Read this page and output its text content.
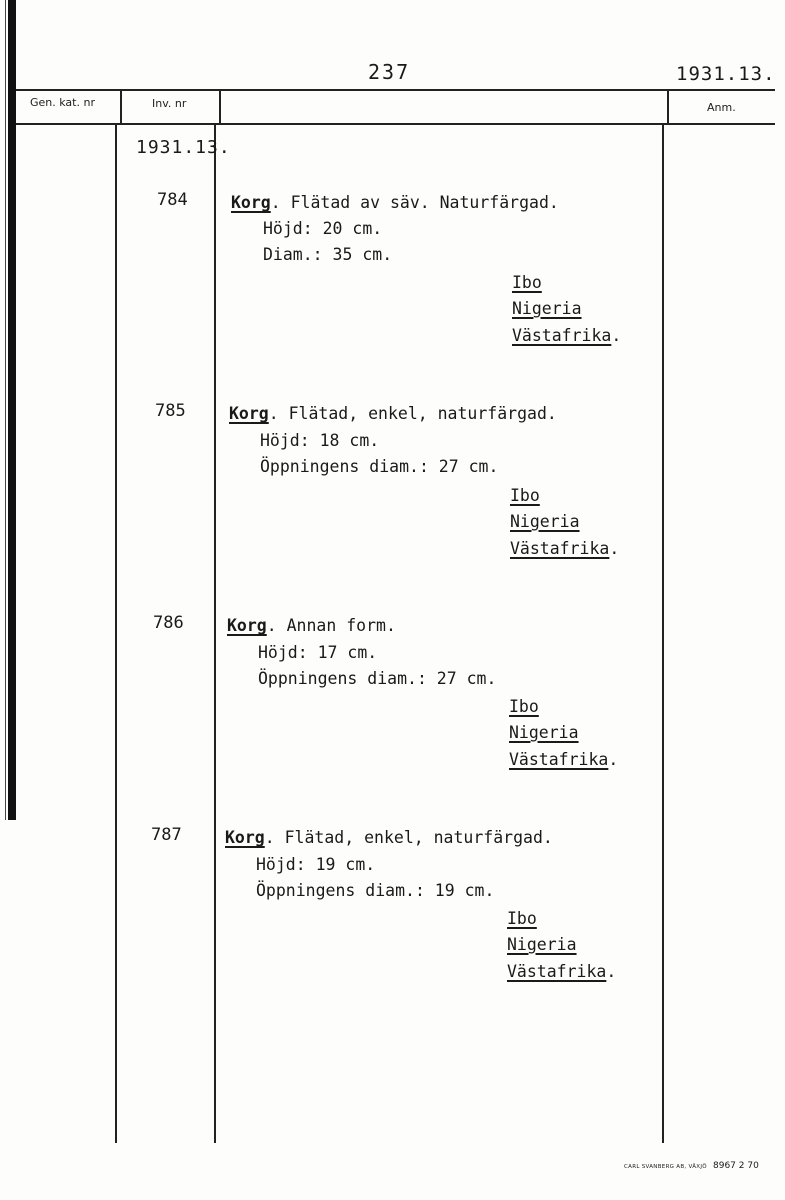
237	1931.13.
Gen. kat. nr	Inv. nr	Anm.
1931.13.
784	Korg. Flätad av säv. Naturfärgad.
Höjd: 20 cm.
Diam.: 35 cm.
Ibo
Nigeria
Västafrika.
785	Korg. Flätad, enkel, naturfärgad.
Höjd: 18 cm.
Öppningens diam.: 27 cm.
Ibo
Nigeria
Västafrika.
786	Korg. Annan form.
Höjd: 17 cm.
Öppningens diam.: 27 cm.
Ibo
Nigeria
Västafrika.
787	Korg. Flätad, enkel, naturfärgad.
Höjd: 19 cm.
Öppningens diam.: 19 cm.
Ibo
Nigeria
Västafrika.
CARL SVANBERG AB, VÄXJÖ 8967 2 70
